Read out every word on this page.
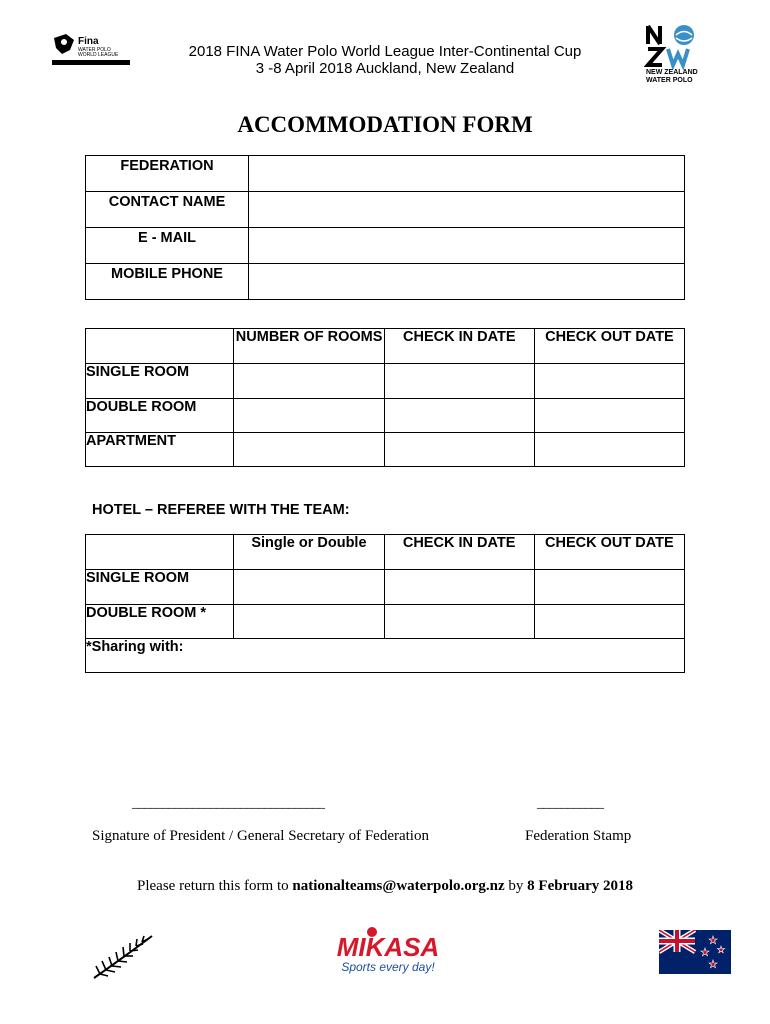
Fina
WATER POLO
WORLD LEAGUE	2018 FINA Water Polo World League Inter-Continental Cup
3 -8 April 2018 Auckland, New Zealand	NEW ZEALAND
WATER POLO
ACCOMMODATION FORM
FEDERATION	
CONTACT NAME	
E - MAIL	
MOBILE PHONE	
	NUMBER OF ROOMS	CHECK IN DATE	CHECK OUT DATE
SINGLE ROOM			
DOUBLE ROOM			
APARTMENT			
HOTEL – REFEREE WITH THE TEAM:
	Single or Double	CHECK IN DATE	CHECK OUT DATE
SINGLE ROOM			
DOUBLE ROOM *			
*Sharing with:			
________________________________	___________
Signature of President / General Secretary of Federation	Federation Stamp
Please return this form to nationalteams@waterpolo.org.nz by 8 February 2018
MIKASA
Sports every day!
